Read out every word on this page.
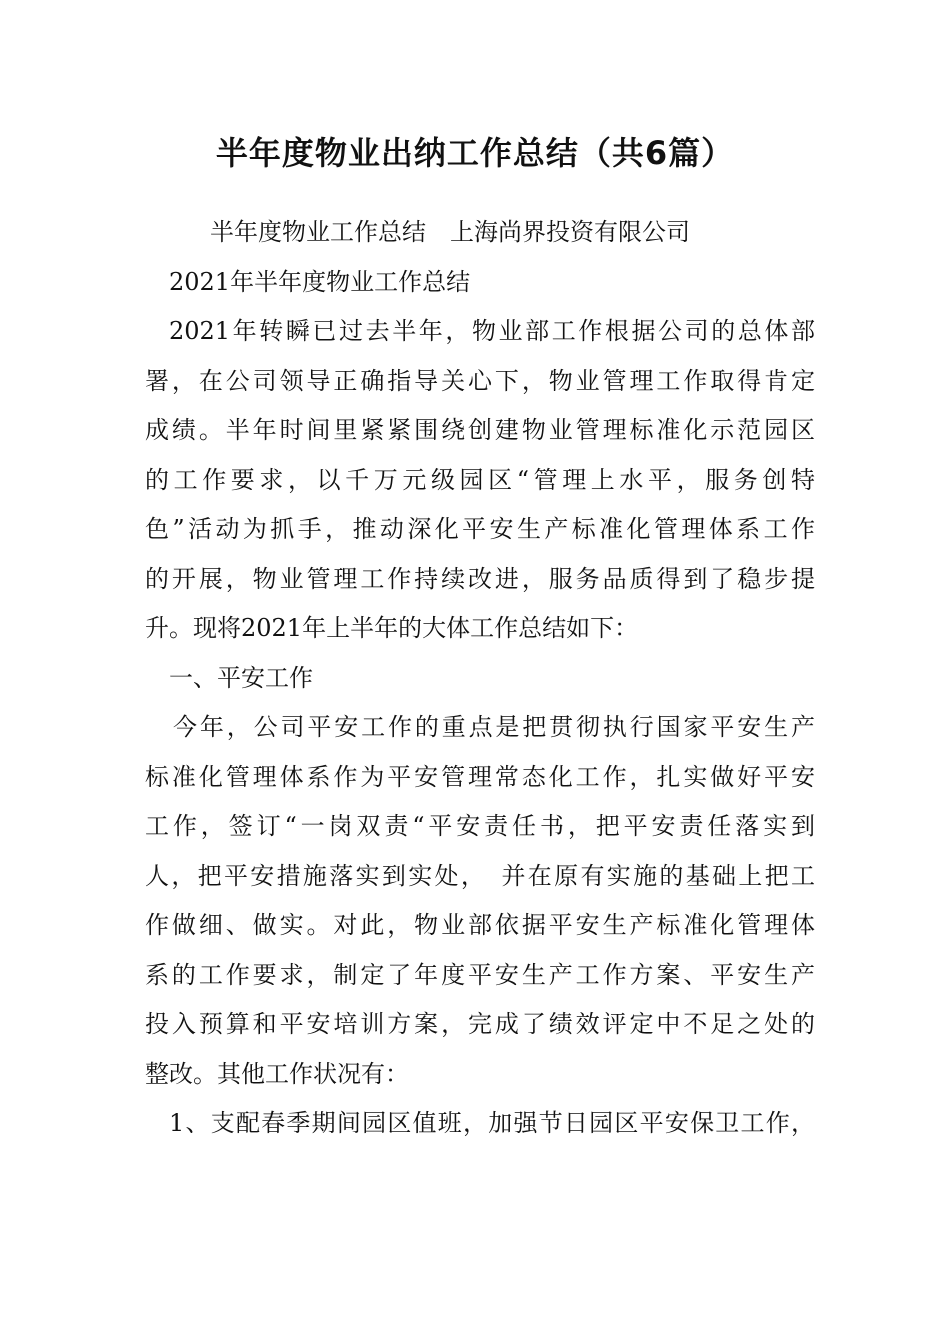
半年度物业出纳工作总结（共6篇）
半年度物业工作总结　上海尚界投资有限公司
2021年半年度物业工作总结
2021年转瞬已过去半年，物业部工作根据公司的总体部
署，在公司领导正确指导关心下，物业管理工作取得肯定
成绩。半年时间里紧紧围绕创建物业管理标准化示范园区
的工作要求，以千万元级园区“管理上水平，服务创特
色”活动为抓手，推动深化平安生产标准化管理体系工作
的开展，物业管理工作持续改进，服务品质得到了稳步提
升。现将2021年上半年的大体工作总结如下：
一、平安工作
今年，公司平安工作的重点是把贯彻执行国家平安生产
标准化管理体系作为平安管理常态化工作，扎实做好平安
工作，签订“一岗双责“平安责任书，把平安责任落实到
人，把平安措施落实到实处，　并在原有实施的基础上把工
作做细、做实。对此，物业部依据平安生产标准化管理体
系的工作要求，制定了年度平安生产工作方案、平安生产
投入预算和平安培训方案，完成了绩效评定中不足之处的
整改。其他工作状况有：
1、支配春季期间园区值班，加强节日园区平安保卫工作，
